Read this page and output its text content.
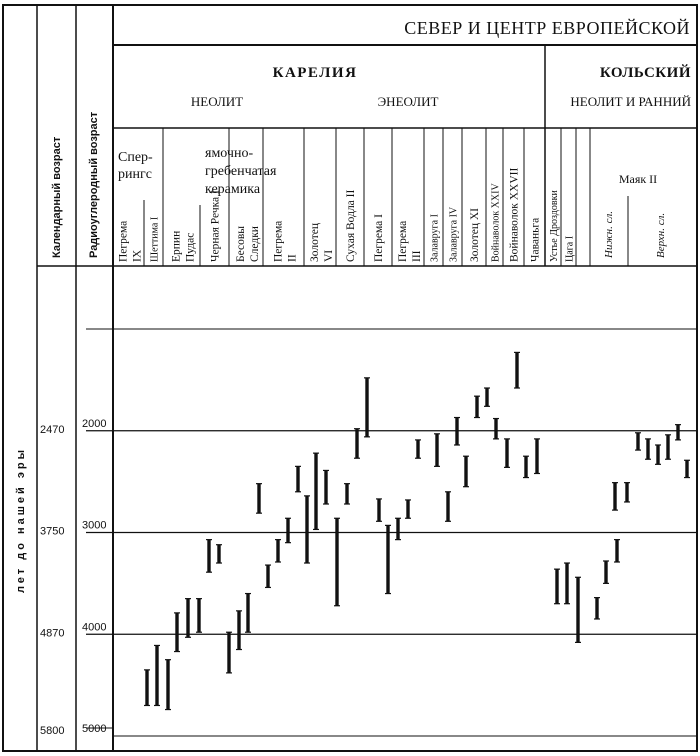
СЕВЕР И ЦЕНТР ЕВРОПЕЙСКОЙ
КАРЕЛИЯ
НЕОЛИТ	ЭНЕОЛИТ
КОЛЬСКИЙ
НЕОЛИТ И РАННИЙ
Спер-
рингс
ямочно-
гребенчатая
керамика
Маяк II
Нижн. сл.	Верхн. сл.
Календарный возраст Радиоуглеродный возраст
лет до нашей эры
Пегрема IX Шеттима I Ерпин Пудас Черная Речка I Бесовы Следки Пегрема II Золотец VI Сухая Водла II Пегрема I Пегрема III Залавруга I Залавруга IV Золотец XI Войнаволок XXIV Войнаволок XXVII Чаваньга Устье Дроздовки Цага I
2000
3000
4000
5000
2470
3750
4870
5800
